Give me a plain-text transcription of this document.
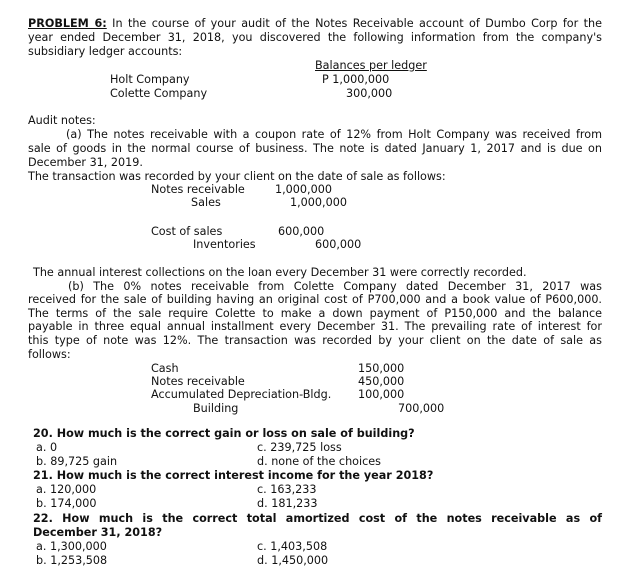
PROBLEM 6: In the course of your audit of the Notes Receivable account of Dumbo Corp for the
year ended December 31, 2018, you discovered the following information from the company's
subsidiary ledger accounts:
Balances per ledger
Holt Company	P 1,000,000
Colette Company	300,000
Audit notes:
(a) The notes receivable with a coupon rate of 12% from Holt Company was received from
sale of goods in the normal course of business. The note is dated January 1, 2017 and is due on
December 31, 2019.
The transaction was recorded by your client on the date of sale as follows:
Notes receivable	1,000,000
Sales	1,000,000
Cost of sales	600,000
Inventories	600,000
The annual interest collections on the loan every December 31 were correctly recorded.
(b) The 0% notes receivable from Colette Company dated December 31, 2017 was
received for the sale of building having an original cost of P700,000 and a book value of P600,000.
The terms of the sale require Colette to make a down payment of P150,000 and the balance
payable in three equal annual installment every December 31. The prevailing rate of interest for
this type of note was 12%. The transaction was recorded by your client on the date of sale as
follows:
Cash	150,000
Notes receivable	450,000
Accumulated Depreciation-Bldg. 100,000
Building	700,000
20. How much is the correct gain or loss on sale of building?
a. 0	c. 239,725 loss
b. 89,725 gain	d. none of the choices
21. How much is the correct interest income for the year 2018?
a. 120,000	c. 163,233
b. 174,000	d. 181,233
22. How much is the correct total amortized cost of the notes receivable as of
December 31, 2018?
a. 1,300,000	c. 1,403,508
b. 1,253,508	d. 1,450,000
